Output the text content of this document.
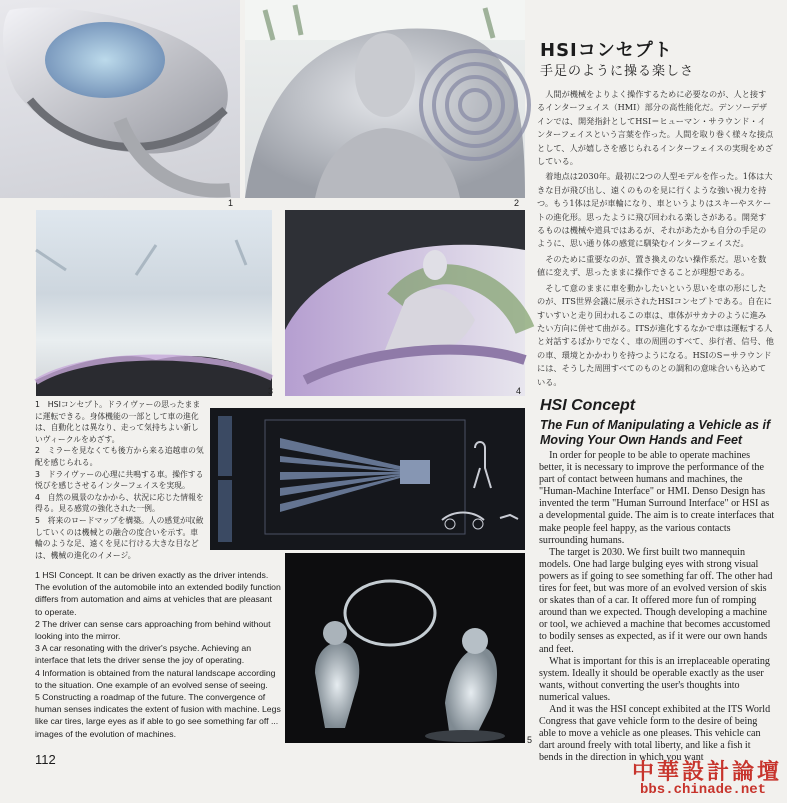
1	2
3	4
5
HSIコンセプト
手足のように操る楽しさ

人間が機械をよりよく操作するために必要なのが、人と接するインターフェイス（HMI）部分の高性能化だ。デンソーデザインでは、開発指針としてHSI＝ヒューマン・サラウンド・インターフェイスという言葉を作った。人間を取り巻く様々な接点として、人が嬉しさを感じられるインターフェイスの実現をめざしている。

着地点は2030年。最初に2つの人型モデルを作った。1体は大きな目が飛び出し、遠くのものを見に行くような強い視力を持つ。もう1体は足が車輪になり、車というよりはスキーやスケートの進化形。思ったように飛び回われる楽しさがある。開発するものは機械や道具ではあるが、それがあたかも自分の手足のように、思い通り体の感覚に馴染むインターフェイスだ。

そのために重要なのが、置き換えのない操作系だ。思いを数値に変えず、思ったままに操作できることが理想である。

そして意のままに車を動かしたいという思いを車の形にしたのが、ITS世界会議に展示されたHSIコンセプトである。自在にすいすいと走り回われるこの車は、車体がサカナのように進みたい方向に併せて曲がる。ITSが進化するなかで車は運転する人と対話するばかりでなく、車の周囲のすべて、歩行者、信号、他の車、環境とかかわりを持つようになる。HSIのS＝サラウンドには、そうした周囲すべてのものとの調和の意味合いも込めている。

1　HSIコンセプト。ドライヴァーの思ったままに運転できる。身体機能の一部として車の進化は、自動化とは異なり、走って気持ちよい新しいヴィークルをめざす。
2　ミラーを見なくても後方から来る追越車の気配を感じられる。
3　ドライヴァーの心理に共鳴する車。操作する悦びを感じさせるインターフェイスを実現。
4　自然の風景のなかから、状況に応じた情報を得る。見る感覚の強化された一例。
5　将来のロードマップを構築。人の感覚が収斂していくのは機械との融合の度合いを示す。車輪のような足、遠くを見に行ける大きな目などは、機械の進化のイメージ。
1 HSI Concept. It can be driven exactly as the driver intends. The evolution of the automobile into an extended bodily function differs from automation and aims at vehicles that are pleasant to operate.
2 The driver can sense cars approaching from behind without looking into the mirror.
3 A car resonating with the driver's psyche. Achieving an interface that lets the driver sense the joy of operating.
4 Information is obtained from the natural landscape according to the situation. One example of an evolved sense of seeing.
5 Constructing a roadmap of the future. The convergence of human senses indicates the extent of fusion with machine. Legs like car tires, large eyes as if able to go see something far off ... images of the evolution of machines.
112
HSI Concept
The Fun of Manipulating a Vehicle as if Moving Your Own Hands and Feet

In order for people to be able to operate machines better, it is necessary to improve the performance of the part of contact between humans and machines, the "Human-Machine Interface" or HMI. Denso Design has invented the term "Human Surround Interface" or HSI as a developmental guide. The aim is to create interfaces that make people feel happy, as the various contacts surrounding humans.

The target is 2030. We first built two mannequin models. One had large bulging eyes with strong visual powers as if going to see something far off. The other had tires for feet, but was more of an evolved version of skis or skates than of a car. It offered more fun of romping around than we expected. Though developing a machine or tool, we achieved a machine that becomes accustomed to bodily senses as expected, as if it were our own hands and feet.

What is important for this is an irreplaceable operating system. Ideally it should be operable exactly as the user wants, without converting the user's thoughts into numerical values.

And it was the HSI concept exhibited at the ITS World Congress that gave vehicle form to the desire of being able to move a vehicle as one pleases. This vehicle can dart around freely with total liberty, and like a fish it bends in the direction in which you want

中華設計論壇
bbs.chinade.net
